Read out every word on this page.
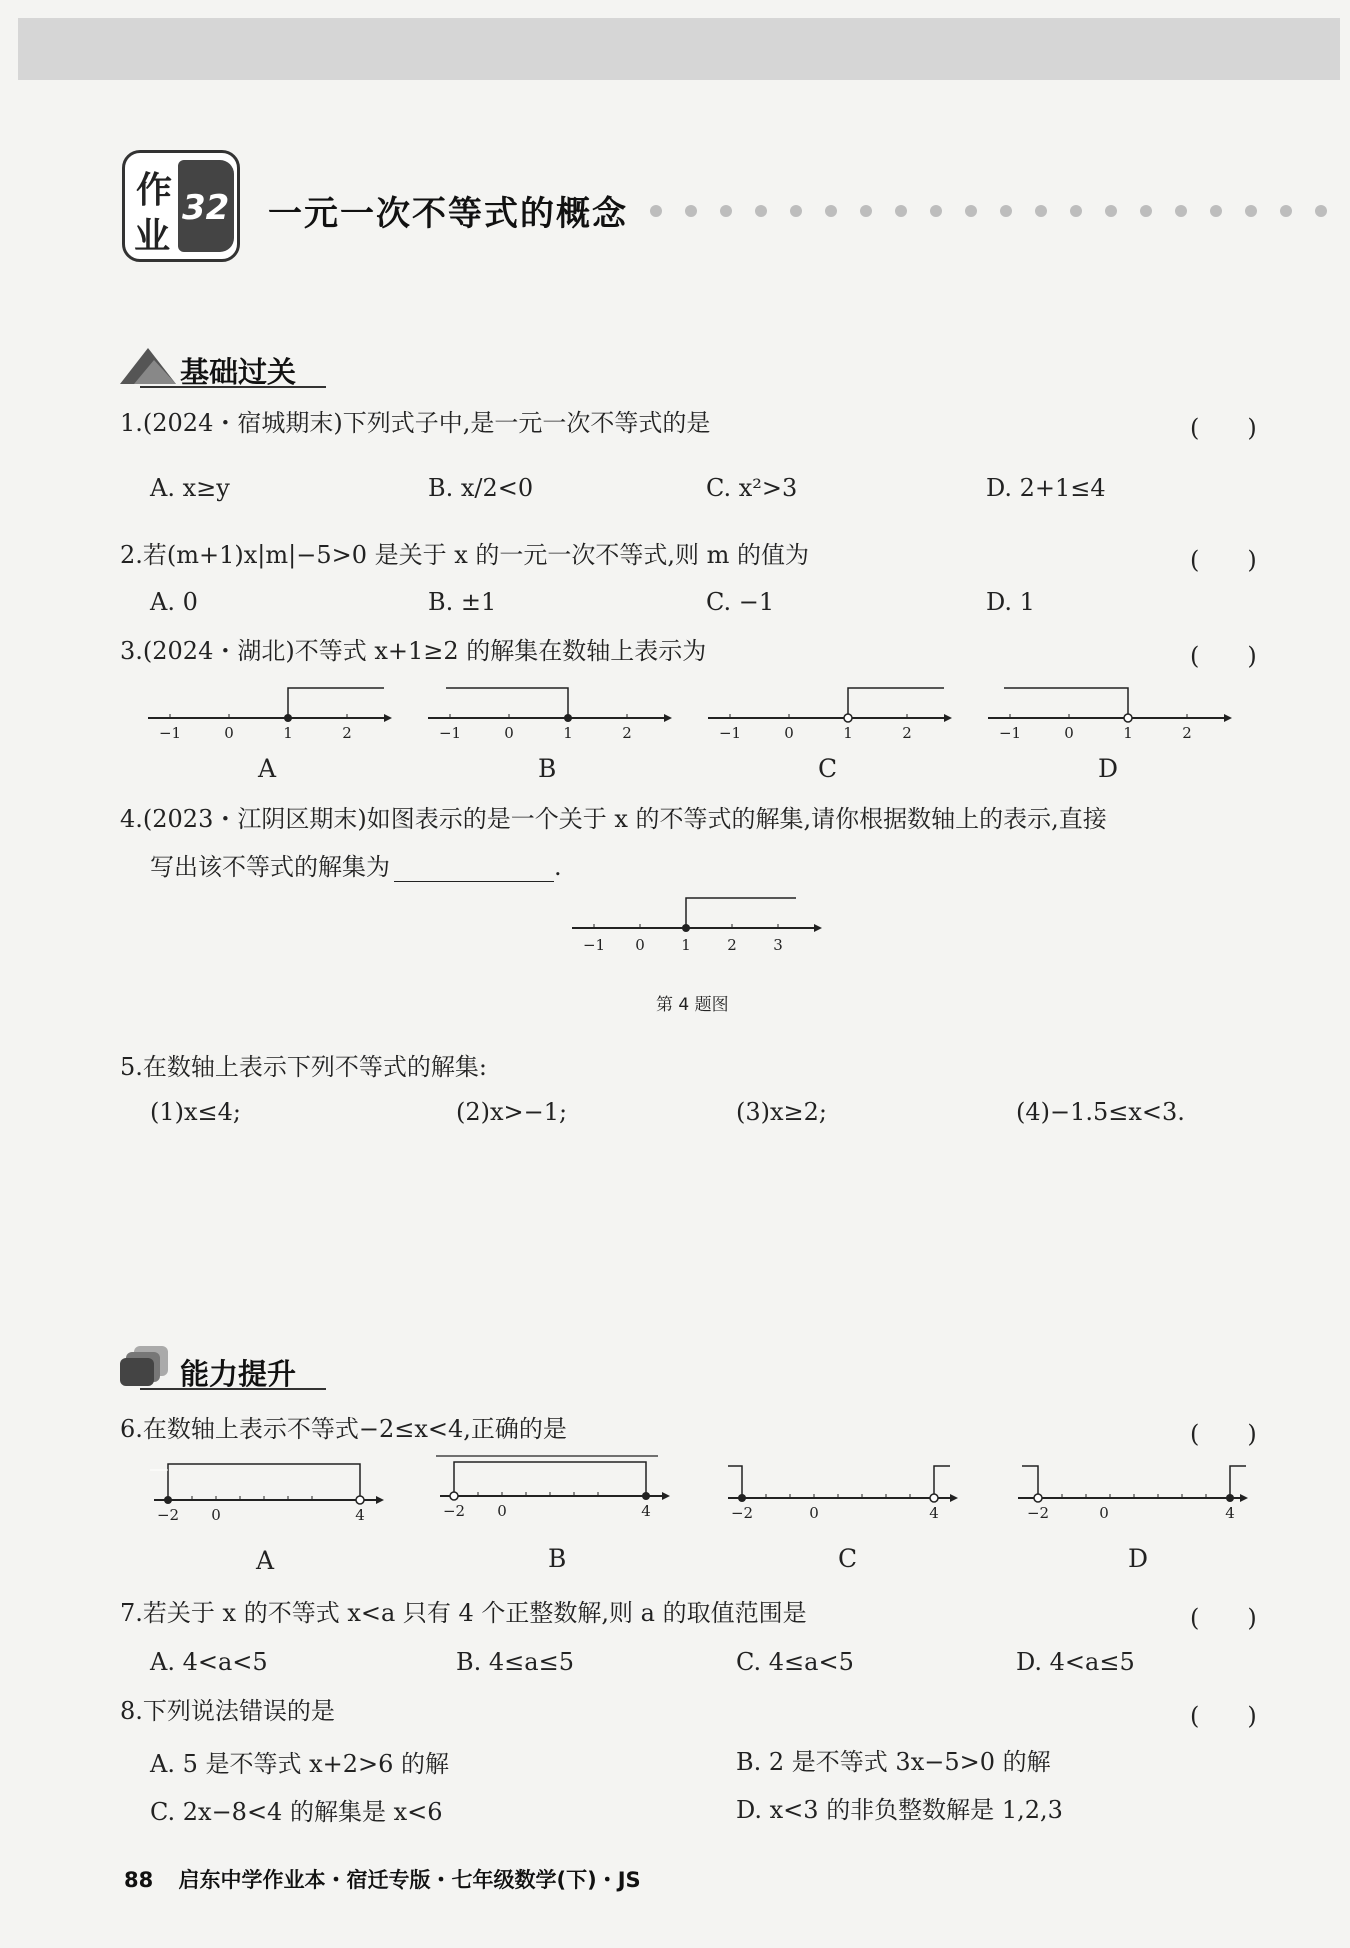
作
业
32 一元一次不等式的概念
基础过关
1.(2024・宿城期末)下列式子中,是一元一次不等式的是	(　　)
A. x≥y	B. x/2<0	C. x²>3	D. 2+1≤4
2.若(m+1)x|m|−5>0 是关于 x 的一元一次不等式,则 m 的值为	(　　)
A. 0	B. ±1	C. −1	D. 1
3.(2024・湖北)不等式 x+1≥2 的解集在数轴上表示为	(　　)
−1	0	1	2	−1	0	1	2	−1	0	1	2	−1	0	1	2
A	B	C	D
4.(2023・江阴区期末)如图表示的是一个关于 x 的不等式的解集,请你根据数轴上的表示,直接
写出该不等式的解集为	.
−1 0 1 2 3
第 4 题图
5.在数轴上表示下列不等式的解集:
(1)x≤4;	(2)x>−1;	(3)x≥2;	(4)−1.5≤x<3.
能力提升
6.在数轴上表示不等式−2≤x<4,正确的是	(　　)
−2 0	4	−2 0	4	−2	0	4	−2	0	4
A	B	C	D
7.若关于 x 的不等式 x<a 只有 4 个正整数解,则 a 的取值范围是	(　　)
A. 4<a<5	B. 4≤a≤5	C. 4≤a<5	D. 4<a≤5
8.下列说法错误的是	(　　)
A. 5 是不等式 x+2>6 的解	B. 2 是不等式 3x−5>0 的解
C. 2x−8<4 的解集是 x<6	D. x<3 的非负整数解是 1,2,3
88 启东中学作业本・宿迁专版・七年级数学(下)・JS
